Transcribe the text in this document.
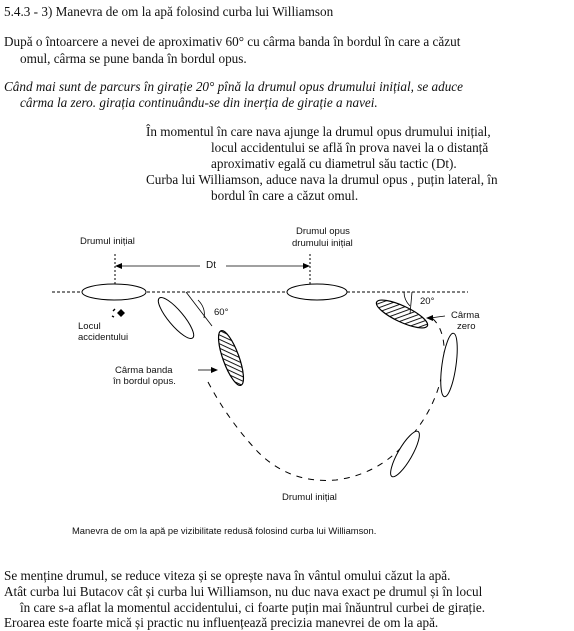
5.4.3 - 3) Manevra de om la apă folosind curba lui Williamson
După o întoarcere a nevei de aproximativ 60° cu cârma banda în bordul în care a căzut
omul, cârma se pune banda în bordul opus.
Când mai sunt de parcurs în girație 20° pînă la drumul opus drumului inițial, se aduce
cârma la zero. girația continuându-se din inerția de girație a navei.
În momentul în care nava ajunge la drumul opus drumului inițial,
locul accidentului se află în prova navei la o distanță
aproximativ egală cu diametrul său tactic (Dt).
Curba lui Williamson, aduce nava la drumul opus , puțin lateral, în
bordul în care a căzut omul.
Drumul inițial
Drumul opus
drumului inițial
Dt
60°
20°
Locul
accidentului
Cârma banda
în bordul opus.
Cârma
zero
Drumul inițial
Manevra de om la apă pe vizibilitate redusă folosind curba lui Williamson.
Se menține drumul, se reduce viteza și se oprește nava în vântul omului căzut la apă.
Atât curba lui Butacov cât și curba lui Williamson, nu duc nava exact pe drumul și în locul
în care s-a aflat la momentul accidentului, ci foarte puțin mai înăuntrul curbei de girație.
Eroarea este foarte mică și practic nu influențează precizia manevrei de om la apă.
